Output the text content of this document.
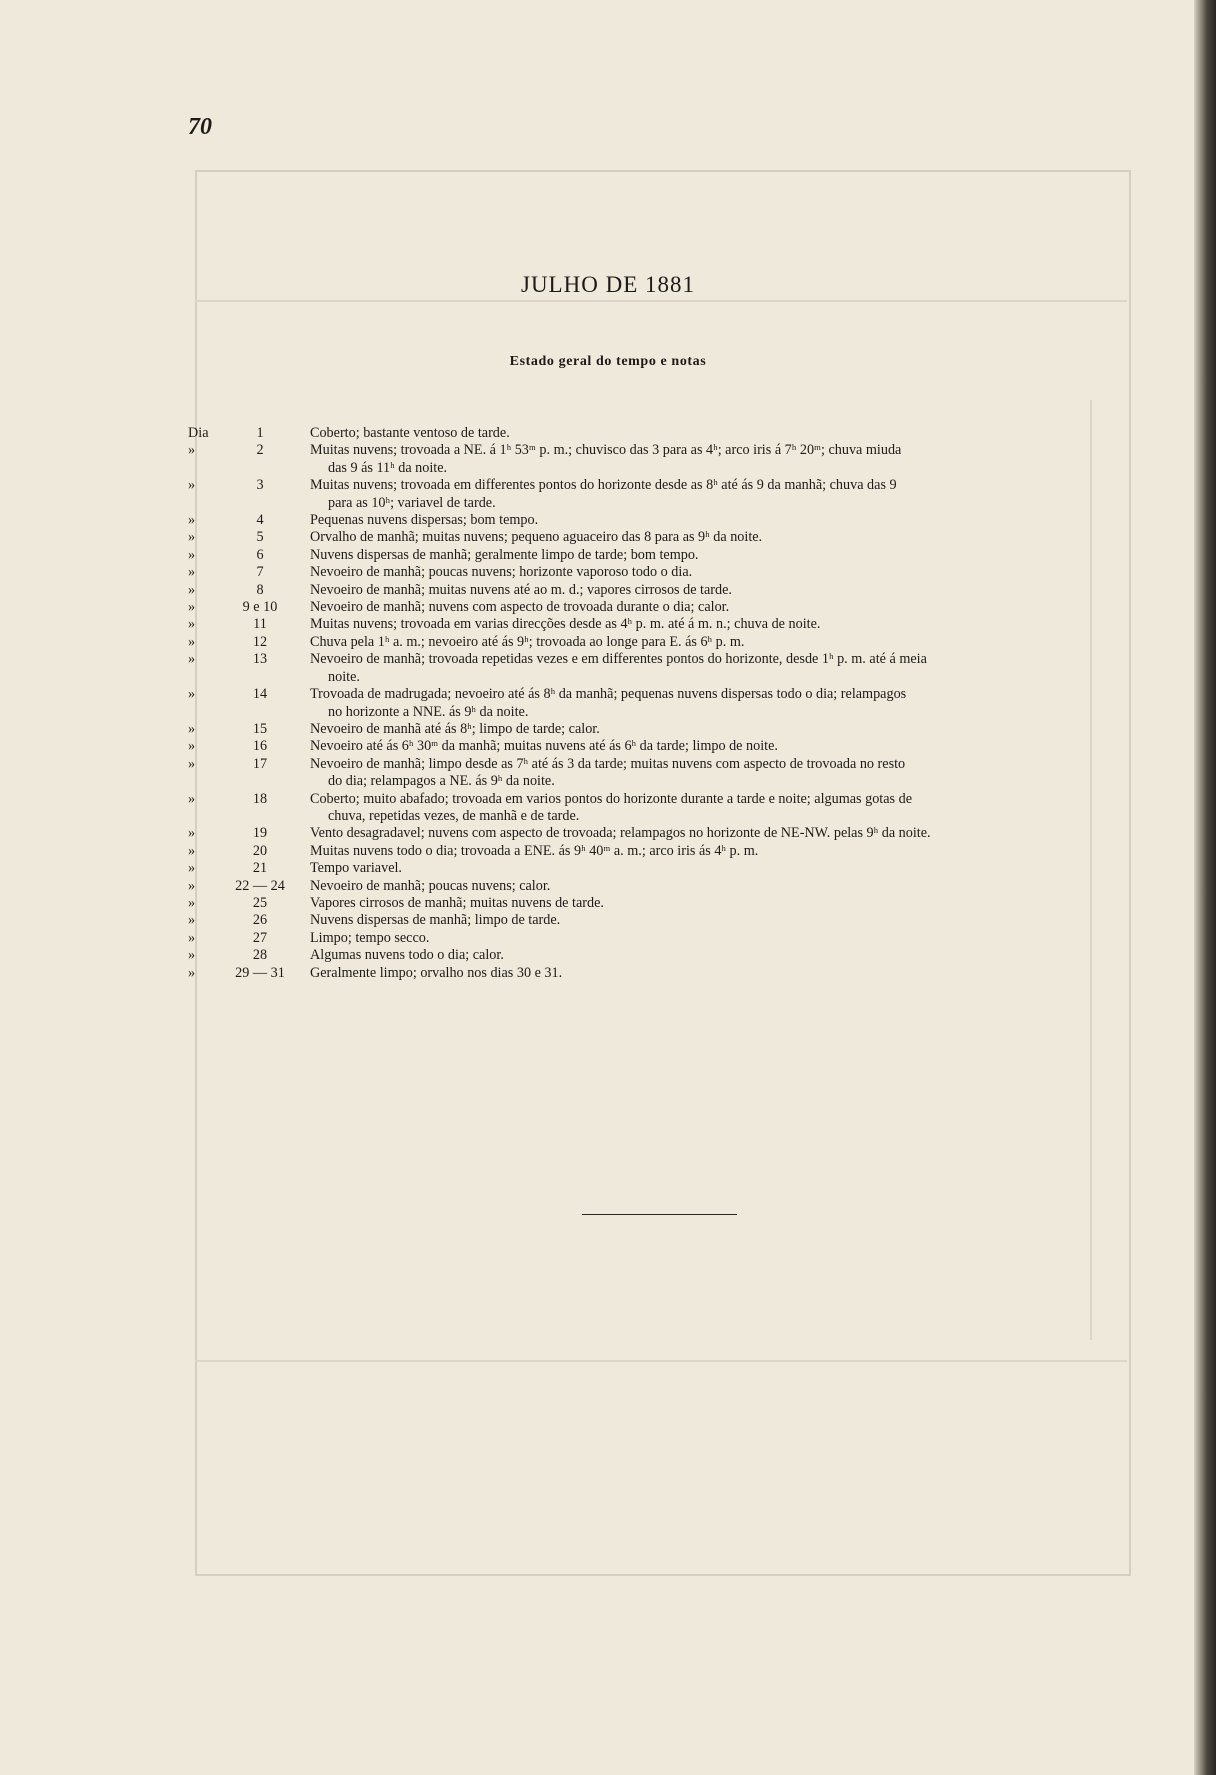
70
JULHO DE 1881
Estado geral do tempo e notas
Dia	1	Coberto; bastante ventoso de tarde.
»	2	Muitas nuvens; trovoada a NE. á 1ʰ 53ᵐ p. m.; chuvisco das 3 para as 4ʰ; arco iris á 7ʰ 20ᵐ; chuva miuda
das 9 ás 11ʰ da noite.
»	3	Muitas nuvens; trovoada em differentes pontos do horizonte desde as 8ʰ até ás 9 da manhã; chuva das 9
para as 10ʰ; variavel de tarde.
»	4	Pequenas nuvens dispersas; bom tempo.
»	5	Orvalho de manhã; muitas nuvens; pequeno aguaceiro das 8 para as 9ʰ da noite.
»	6	Nuvens dispersas de manhã; geralmente limpo de tarde; bom tempo.
»	7	Nevoeiro de manhã; poucas nuvens; horizonte vaporoso todo o dia.
»	8	Nevoeiro de manhã; muitas nuvens até ao m. d.; vapores cirrosos de tarde.
»	9 e 10	Nevoeiro de manhã; nuvens com aspecto de trovoada durante o dia; calor.
»	11	Muitas nuvens; trovoada em varias direcções desde as 4ʰ p. m. até á m. n.; chuva de noite.
»	12	Chuva pela 1ʰ a. m.; nevoeiro até ás 9ʰ; trovoada ao longe para E. ás 6ʰ p. m.
»	13	Nevoeiro de manhã; trovoada repetidas vezes e em differentes pontos do horizonte, desde 1ʰ p. m. até á meia
noite.
»	14	Trovoada de madrugada; nevoeiro até ás 8ʰ da manhã; pequenas nuvens dispersas todo o dia; relampagos
no horizonte a NNE. ás 9ʰ da noite.
»	15	Nevoeiro de manhã até ás 8ʰ; limpo de tarde; calor.
»	16	Nevoeiro até ás 6ʰ 30ᵐ da manhã; muitas nuvens até ás 6ʰ da tarde; limpo de noite.
»	17	Nevoeiro de manhã; limpo desde as 7ʰ até ás 3 da tarde; muitas nuvens com aspecto de trovoada no resto
do dia; relampagos a NE. ás 9ʰ da noite.
»	18	Coberto; muito abafado; trovoada em varios pontos do horizonte durante a tarde e noite; algumas gotas de
chuva, repetidas vezes, de manhã e de tarde.
»	19	Vento desagradavel; nuvens com aspecto de trovoada; relampagos no horizonte de NE-NW. pelas 9ʰ da noite.
»	20	Muitas nuvens todo o dia; trovoada a ENE. ás 9ʰ 40ᵐ a. m.; arco iris ás 4ʰ p. m.
»	21	Tempo variavel.
»	22 — 24	Nevoeiro de manhã; poucas nuvens; calor.
»	25	Vapores cirrosos de manhã; muitas nuvens de tarde.
»	26	Nuvens dispersas de manhã; limpo de tarde.
»	27	Limpo; tempo secco.
»	28	Algumas nuvens todo o dia; calor.
»	29 — 31	Geralmente limpo; orvalho nos dias 30 e 31.
